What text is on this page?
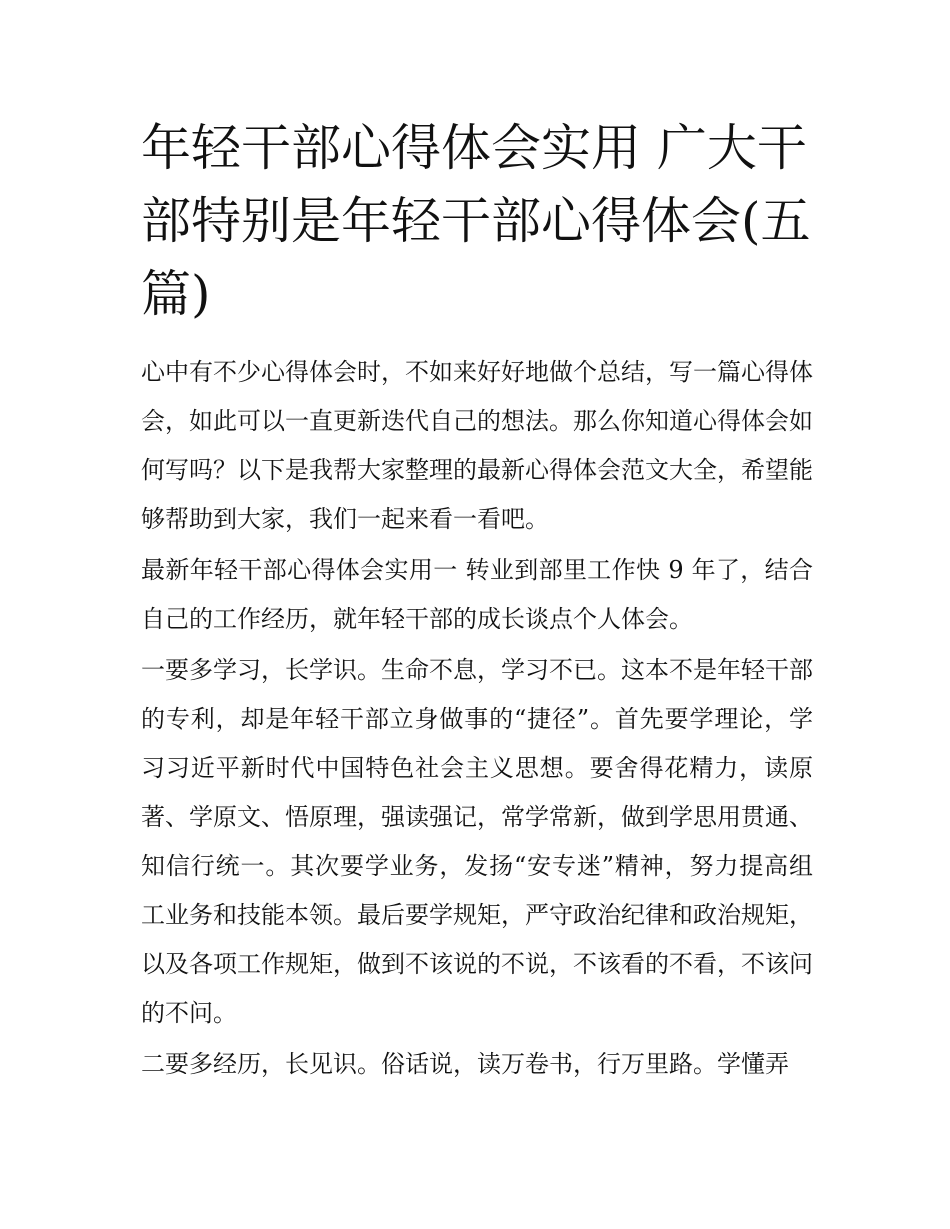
年轻干部心得体会实用 广大干部特别是年轻干部心得体会(五篇)

心中有不少心得体会时，不如来好好地做个总结，写一篇心得体会，如此可以一直更新迭代自己的想法。那么你知道心得体会如何写吗？以下是我帮大家整理的最新心得体会范文大全，希望能够帮助到大家，我们一起来看一看吧。

最新年轻干部心得体会实用一 转业到部里工作快 9 年了，结合自己的工作经历，就年轻干部的成长谈点个人体会。

一要多学习，长学识。生命不息，学习不已。这本不是年轻干部的专利，却是年轻干部立身做事的“捷径”。首先要学理论，学习习近平新时代中国特色社会主义思想。要舍得花精力，读原著、学原文、悟原理，强读强记，常学常新，做到学思用贯通、知信行统一。其次要学业务，发扬“安专迷”精神，努力提高组工业务和技能本领。最后要学规矩，严守政治纪律和政治规矩，以及各项工作规矩，做到不该说的不说，不该看的不看，不该问的不问。

二要多经历，长见识。俗话说，读万卷书，行万里路。学懂弄
